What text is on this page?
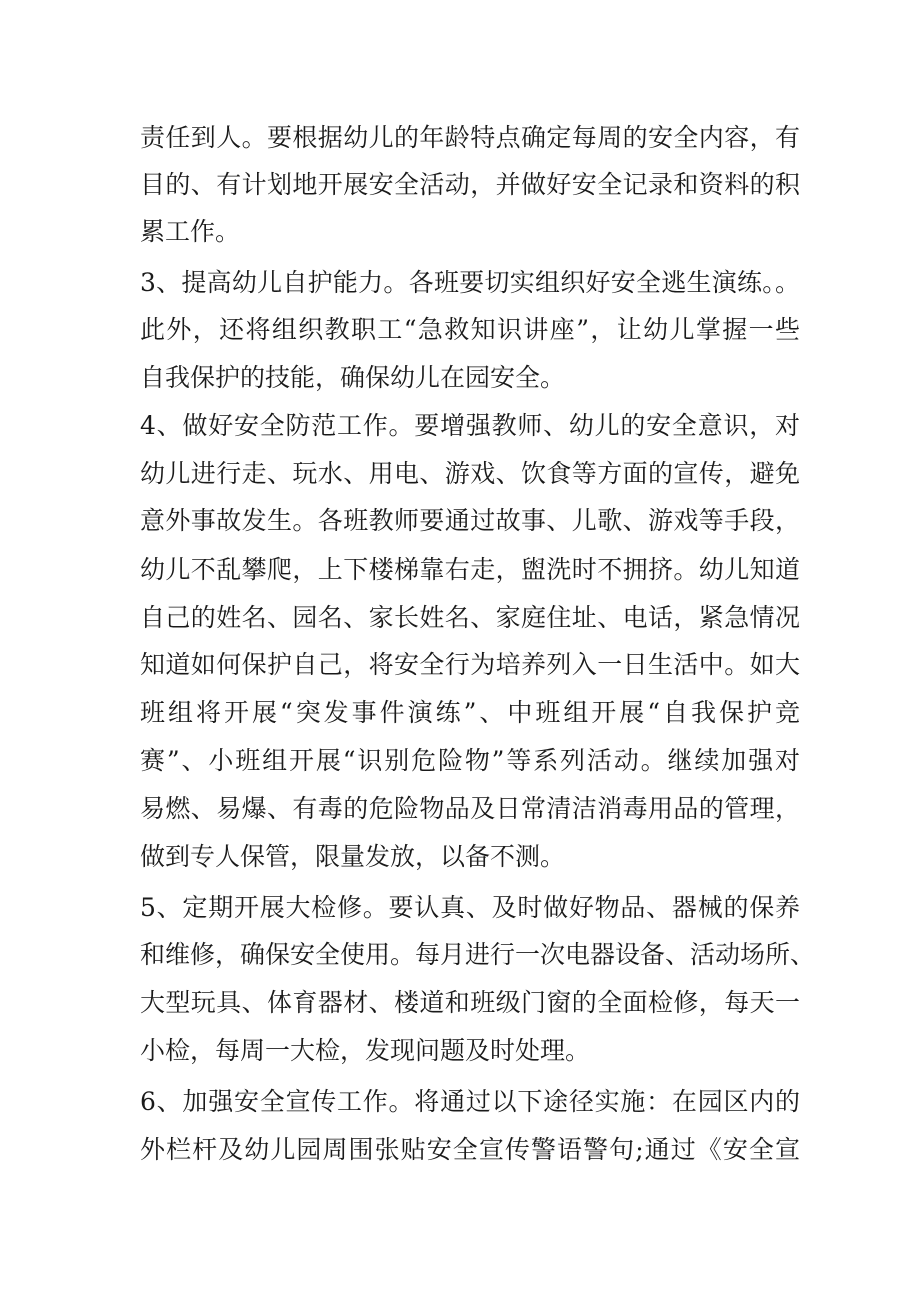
责任到人。要根据幼儿的年龄特点确定每周的安全内容，有
目的、有计划地开展安全活动，并做好安全记录和资料的积
累工作。
3、提高幼儿自护能力。各班要切实组织好安全逃生演练。。
此外，还将组织教职工“急救知识讲座”，让幼儿掌握一些
自我保护的技能，确保幼儿在园安全。
4、做好安全防范工作。要增强教师、幼儿的安全意识，对
幼儿进行走、玩水、用电、游戏、饮食等方面的宣传，避免
意外事故发生。各班教师要通过故事、儿歌、游戏等手段，
幼儿不乱攀爬，上下楼梯靠右走，盥洗时不拥挤。幼儿知道
自己的姓名、园名、家长姓名、家庭住址、电话，紧急情况
知道如何保护自己，将安全行为培养列入一日生活中。如大
班组将开展“突发事件演练”、中班组开展“自我保护竞
赛”、小班组开展“识别危险物”等系列活动。继续加强对
易燃、易爆、有毒的危险物品及日常清洁消毒用品的管理，
做到专人保管，限量发放，以备不测。
5、定期开展大检修。要认真、及时做好物品、器械的保养
和维修，确保安全使用。每月进行一次电器设备、活动场所、
大型玩具、体育器材、楼道和班级门窗的全面检修，每天一
小检，每周一大检，发现问题及时处理。
6、加强安全宣传工作。将通过以下途径实施：在园区内的
外栏杆及幼儿园周围张贴安全宣传警语警句;通过《安全宣
